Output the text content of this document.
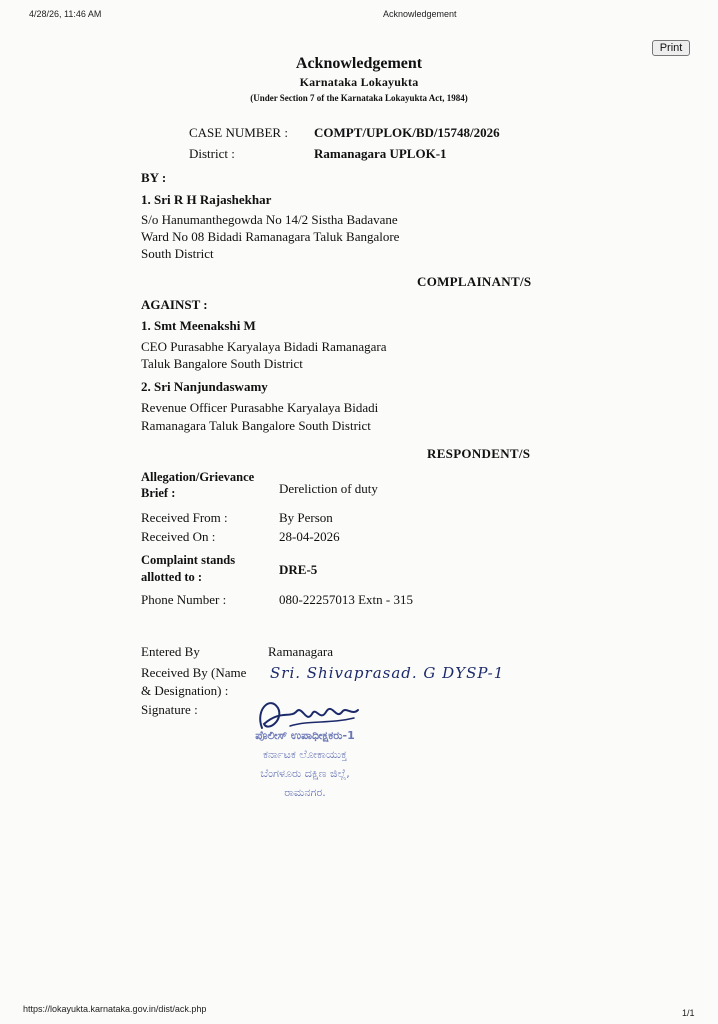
4/28/26, 11:46 AM	Acknowledgement
Print
Acknowledgement
Karnataka Lokayukta
(Under Section 7 of the Karnataka Lokayukta Act, 1984)
CASE NUMBER : COMPT/UPLOK/BD/15748/2026
District :	Ramanagara UPLOK-1
BY :
1. Sri R H Rajashekhar
S/o Hanumanthegowda No 14/2 Sistha Badavane
Ward No 08 Bidadi Ramanagara Taluk Bangalore
South District
COMPLAINANT/S
AGAINST :
1. Smt Meenakshi M
CEO Purasabhe Karyalaya Bidadi Ramanagara
Taluk Bangalore South District
2. Sri Nanjundaswamy
Revenue Officer Purasabhe Karyalaya Bidadi
Ramanagara Taluk Bangalore South District
RESPONDENT/S
Allegation/Grievance
Brief :	Dereliction of duty
Received From :	By Person
Received On :	28-04-2026
Complaint stands
allotted to :	DRE-5
Phone Number :	080-22257013 Extn - 315
Entered By	Ramanagara
Received By (Name
& Designation) :
Sri. Shivaprasad. G DYSP-1
Signature :
ಪೊಲೀಸ್ ಉಪಾಧೀಕ್ಷಕರು-1
ಕರ್ನಾಟಕ ಲೋಕಾಯುಕ್ತ
ಬೆಂಗಳೂರು ದಕ್ಷಿಣ ಜಿಲ್ಲೆ,
ರಾಮನಗರ.
https://lokayukta.karnataka.gov.in/dist/ack.php	1/1
